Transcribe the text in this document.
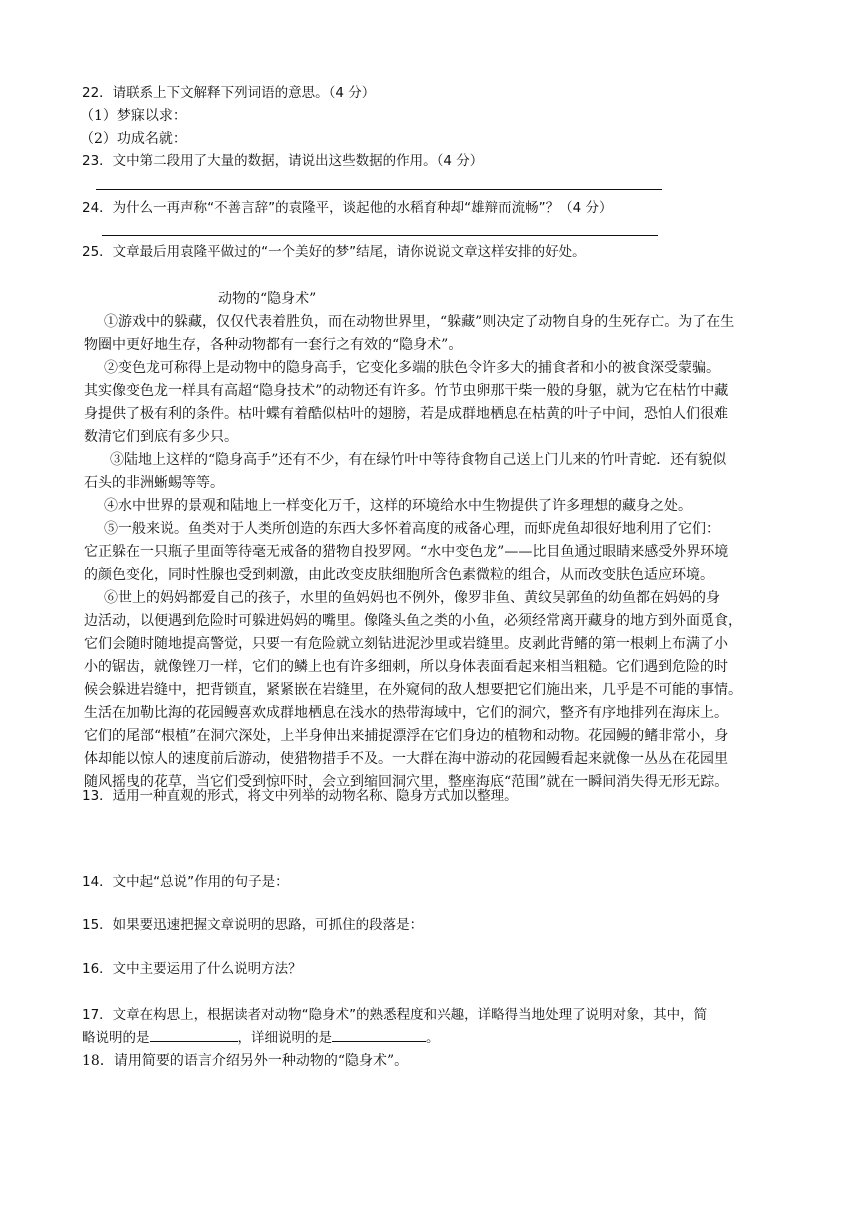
22．请联系上下文解释下列词语的意思。（4 分）
（1）梦寐以求：
（2）功成名就：
23．文中第二段用了大量的数据，请说出这些数据的作用。（4 分）
24．为什么一再声称“不善言辞”的袁隆平，谈起他的水稻育种却“雄辩而流畅”？（4 分）
25．文章最后用袁隆平做过的“一个美好的梦”结尾，请你说说文章这样安排的好处。
动物的“隐身术”
①游戏中的躲藏，仅仅代表着胜负，而在动物世界里，“躲藏”则决定了动物自身的生死存亡。为了在生
物圈中更好地生存，各种动物都有一套行之有效的“隐身术”。
②变色龙可称得上是动物中的隐身高手，它变化多端的肤色令许多大的捕食者和小的被食深受蒙骗。
其实像变色龙一样具有高超“隐身技术”的动物还有许多。竹节虫卵那干柴一般的身躯，就为它在枯竹中藏
身提供了极有利的条件。枯叶蝶有着酷似枯叶的翅膀，若是成群地栖息在枯黄的叶子中间，恐怕人们很难
数清它们到底有多少只。
③陆地上这样的“隐身高手”还有不少，有在绿竹叶中等待食物自己送上门儿来的竹叶青蛇．还有貌似
石头的非洲蜥蜴等等。
④水中世界的景观和陆地上一样变化万千，这样的环境给水中生物提供了许多理想的藏身之处。
⑤一般来说。鱼类对于人类所创造的东西大多怀着高度的戒备心理，而虾虎鱼却很好地利用了它们：
它正躲在一只瓶子里面等待毫无戒备的猎物自投罗网。“水中变色龙”——比目鱼通过眼睛来感受外界环境
的颜色变化，同时性腺也受到刺激，由此改变皮肤细胞所含色素微粒的组合，从而改变肤色适应环境。
⑥世上的妈妈都爱自己的孩子，水里的鱼妈妈也不例外，像罗非鱼、黄纹吴郭鱼的幼鱼都在妈妈的身
边活动，以便遇到危险时可躲进妈妈的嘴里。像隆头鱼之类的小鱼，必须经常离开藏身的地方到外面觅食，
它们会随时随地提高警觉，只要一有危险就立刻钻进泥沙里或岩缝里。皮剥此背鳍的第一根刺上布满了小
小的锯齿，就像锉刀一样，它们的鳞上也有许多细刺，所以身体表面看起来相当粗糙。它们遇到危险的时
候会躲进岩缝中，把背锁直，紧紧嵌在岩缝里，在外窥伺的敌人想要把它们施出来，几乎是不可能的事情。
生活在加勒比海的花园鳗喜欢成群地栖息在浅水的热带海域中，它们的洞穴，整齐有序地排列在海床上。
它们的尾部“根植”在洞穴深处，上半身伸出来捕捉漂浮在它们身边的植物和动物。花园鳗的鳍非常小，身
体却能以惊人的速度前后游动，使猎物措手不及。一大群在海中游动的花园鳗看起来就像一丛丛在花园里
随风摇曳的花草，当它们受到惊吓时，会立到缩回洞穴里，整座海底“范围”就在一瞬间消失得无形无踪。
13．适用一种直观的形式，将文中列举的动物名称、隐身方式加以整理。
14．文中起“总说”作用的句子是：
15．如果要迅速把握文章说明的思路，可抓住的段落是：
16．文中主要运用了什么说明方法？
17．文章在构思上，根据读者对动物“隐身术”的熟悉程度和兴趣，详略得当地处理了说明对象，其中，简
略说明的是	，详细说明的是	。
18．请用简要的语言介绍另外一种动物的“隐身术”。
